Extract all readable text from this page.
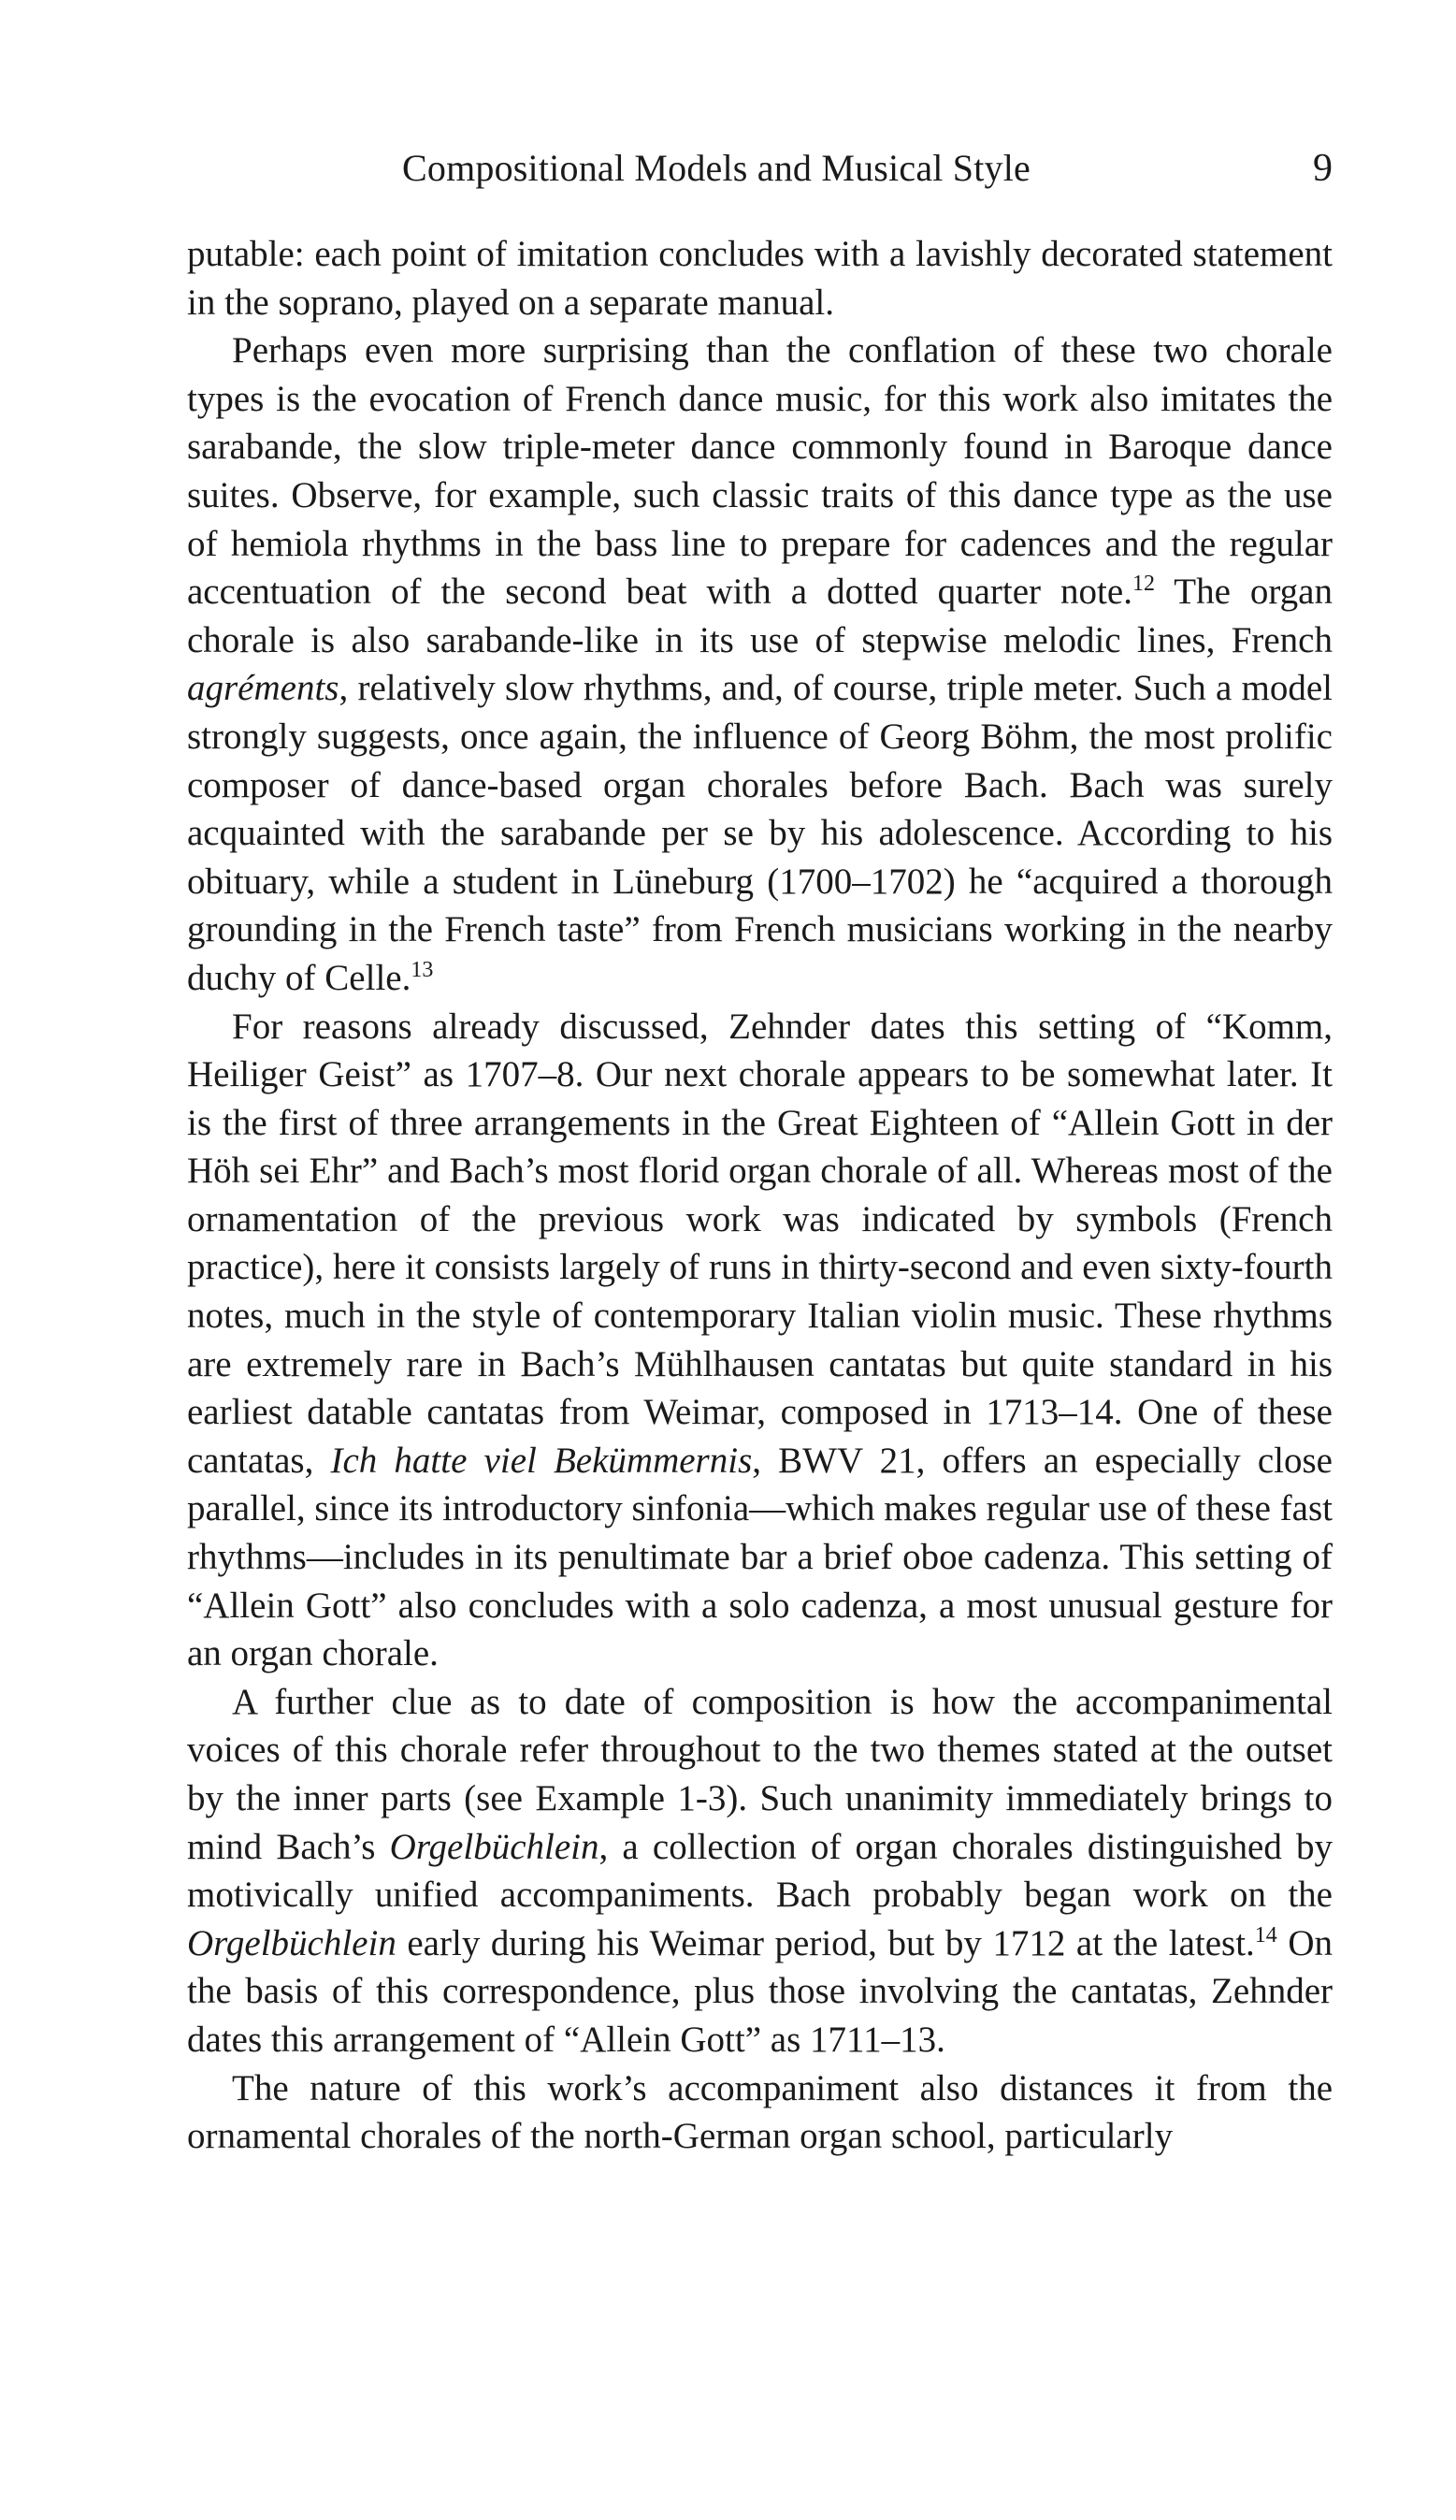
Compositional Models and Musical Style	9

putable: each point of imitation concludes with a lavishly decorated statement in the soprano, played on a separate manual.

Perhaps even more surprising than the conflation of these two chorale types is the evocation of French dance music, for this work also imitates the sarabande, the slow triple-meter dance commonly found in Baroque dance suites. Observe, for example, such classic traits of this dance type as the use of hemiola rhythms in the bass line to prepare for cadences and the regular accentuation of the second beat with a dotted quarter note.$^{12}$ The organ chorale is also sarabande-like in its use of stepwise melodic lines, French agréments, relatively slow rhythms, and, of course, triple meter. Such a model strongly suggests, once again, the influence of Georg Böhm, the most prolific composer of dance-based organ chorales before Bach. Bach was surely acquainted with the sarabande per se by his adolescence. According to his obituary, while a student in Lüneburg (1700–1702) he “acquired a thorough grounding in the French taste” from French musicians working in the nearby duchy of Celle.$^{13}$

For reasons already discussed, Zehnder dates this setting of “Komm, Heiliger Geist” as 1707–8. Our next chorale appears to be somewhat later. It is the first of three arrangements in the Great Eighteen of “Allein Gott in der Höh sei Ehr” and Bach’s most florid organ chorale of all. Whereas most of the ornamentation of the previous work was indicated by symbols (French practice), here it consists largely of runs in thirty-second and even sixty-fourth notes, much in the style of contemporary Italian violin music. These rhythms are extremely rare in Bach’s Mühlhausen cantatas but quite standard in his earliest datable cantatas from Weimar, composed in 1713–14. One of these cantatas, Ich hatte viel Bekümmernis, BWV 21, offers an especially close parallel, since its introductory sinfonia—which makes regular use of these fast rhythms—includes in its penultimate bar a brief oboe cadenza. This setting of “Allein Gott” also concludes with a solo cadenza, a most unusual gesture for an organ chorale.

A further clue as to date of composition is how the accompanimental voices of this chorale refer throughout to the two themes stated at the outset by the inner parts (see Example 1-3). Such unanimity immediately brings to mind Bach’s Orgelbüchlein, a collection of organ chorales distinguished by motivically unified accompaniments. Bach probably began work on the Orgelbüchlein early during his Weimar period, but by 1712 at the latest.$^{14}$ On the basis of this correspondence, plus those involving the cantatas, Zehnder dates this arrangement of “Allein Gott” as 1711–13.

The nature of this work’s accompaniment also distances it from the ornamental chorales of the north-German organ school, particularly
